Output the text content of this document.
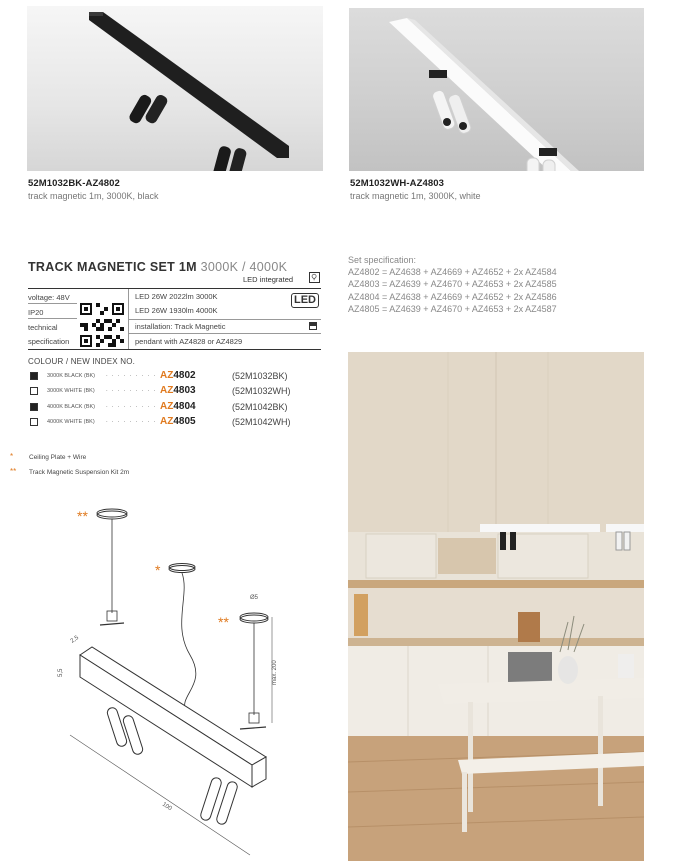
52M1032BK-AZ4802
track magnetic 1m, 3000K, black
52M1032WH-AZ4803
track magnetic 1m, 3000K, white
TRACK MAGNETIC SET 1M 3000K / 4000K
LED integrated
voltage: 48V
IP20
technical
specification
LED 26W 2022lm 3000K
LED 26W 1930lm 4000K
LED
installation: Track Magnetic
pendant with AZ4828 or AZ4829
COLOUR / NEW INDEX NO.
3000K BLACK (BK) . . . . . . . . . AZ4802	(52M1032BK)
3000K WHITE (BK) . . . . . . . . . AZ4803	(52M1032WH)
4000K BLACK (BK) . . . . . . . . . AZ4804	(52M1042BK)
4000K WHITE (BK) . . . . . . . . . AZ4805	(52M1042WH)
* Ceiling Plate + Wire
** Track Magnetic Suspension Kit 2m
**
*
**
Ø5
max. 200
2,5
5,5
100
Set specification:
AZ4802 = AZ4638 + AZ4669 + AZ4652 + 2x AZ4584
AZ4803 = AZ4639 + AZ4670 + AZ4653 + 2x AZ4585
AZ4804 = AZ4638 + AZ4669 + AZ4652 + 2x AZ4586
AZ4805 = AZ4639 + AZ4670 + AZ4653 + 2x AZ4587
